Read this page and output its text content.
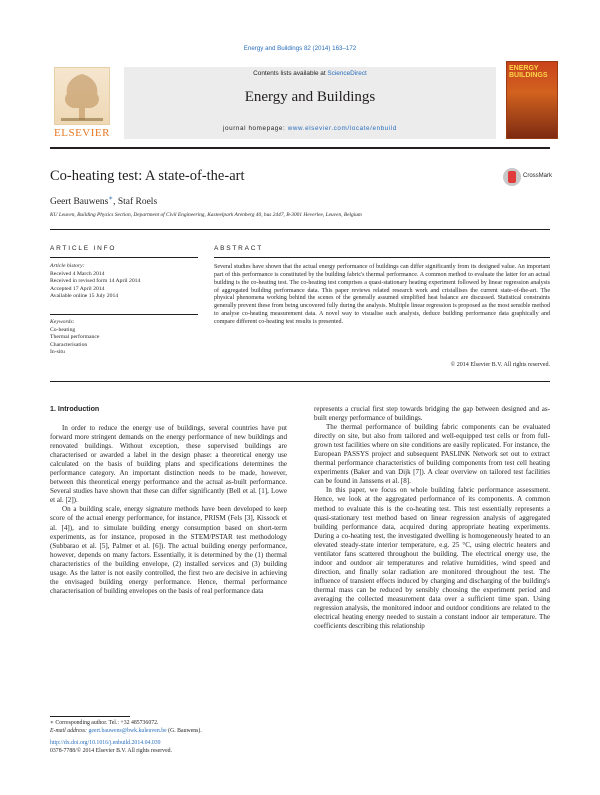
Energy and Buildings 82 (2014) 163–172
ELSEVIER
Contents lists available at ScienceDirect
Energy and Buildings
journal homepage: www.elsevier.com/locate/enbuild
ENERGY BUILDINGS
Co-heating test: A state-of-the-art	CrossMark
Geert Bauwens∗, Staf Roels
KU Leuven, Building Physics Section, Department of Civil Engineering, Kasteelpark Arenberg 40, bus 2447, B-3001 Heverlee, Leuven, Belgium
ARTICLE INFO	ABSTRACT
Article history:
Received 4 March 2014
Received in revised form 14 April 2014
Accepted 17 April 2014
Available online 15 July 2014
Keywords:
Co-heating
Thermal performance
Characterisation
In-situ
Several studies have shown that the actual energy performance of buildings can differ significantly from its designed value. An important part of this performance is constituted by the building fabric's thermal performance. A common method to evaluate the latter for an actual building is the co-heating test. The co-heating test comprises a quasi-stationary heating experiment followed by linear regression analysis of aggregated building performance data. This paper reviews related research work and cristallises the current state-of-the-art. The physical phenomena working behind the scenes of the generally assumed simplified heat balance are discussed. Statistical constraints generally prevent these from being uncovered fully during the analysis. Multiple linear regression is proposed as the most sensible method to analyse co-heating measurement data. A novel way to visualise such analysis, deduce building performance data graphically and compare different co-heating test results is presented.
© 2014 Elsevier B.V. All rights reserved.
1. Introduction

In order to reduce the energy use of buildings, several countries have put forward more stringent demands on the energy performance of new buildings and renovated buildings. Without exception, these supervised buildings are characterised or awarded a label in the design phase: a theoretical energy use calculated on the basis of building plans and specifications determines the performance category. An important distinction needs to be made, however, between this theoretical energy performance and the actual as-built performance. Several studies have shown that these can differ significantly (Bell et al. [1], Lowe et al. [2]).

On a building scale, energy signature methods have been developed to keep score of the actual energy performance, for instance, PRISM (Fels [3], Kissock et al. [4]), and to simulate building energy consumption based on short-term experiments, as for instance, proposed in the STEM/PSTAR test methodology (Subbarao et al. [5], Palmer et al. [6]). The actual building energy performance, however, depends on many factors. Essentially, it is determined by the (1) thermal characteristics of the building envelope, (2) installed services and (3) building usage. As the latter is not easily controlled, the first two are decisive in achieving the envisaged building energy performance. Hence, thermal performance characterisation of building envelopes on the basis of real performance data

represents a crucial first step towards bridging the gap between designed and as-built energy performance of buildings.

The thermal performance of building fabric components can be evaluated directly on site, but also from tailored and well-equipped test cells or from full-grown test facilities where on site conditions are easily replicated. For instance, the European PASSYS project and subsequent PASLINK Network set out to extract thermal performance characteristics of building components from test cell heating experiments (Baker and van Dijk [7]). A clear overview on tailored test facilities can be found in Janssens et al. [8].

In this paper, we focus on whole building fabric performance assessment. Hence, we look at the aggregated performance of its components. A common method to evaluate this is the co-heating test. This test essentially represents a quasi-stationary test method based on linear regression analysis of aggregated building performance data, acquired during appropriate heating experiments. During a co-heating test, the investigated dwelling is homogeneously heated to an elevated steady-state interior temperature, e.g. 25 °C, using electric heaters and ventilator fans scattered throughout the building. The electrical energy use, the indoor and outdoor air temperatures and relative humidities, wind speed and direction, and finally solar radiation are monitored throughout the test. The influence of transient effects induced by charging and discharging of the building's thermal mass can be reduced by sensibly choosing the experiment period and averaging the collected measurement data over a sufficient time span. Using regression analysis, the monitored indoor and outdoor conditions are related to the electrical heating energy needed to sustain a constant indoor air temperature. The coefficients describing this relationship

∗ Corresponding author. Tel.: +32 485736072.
E-mail address: geert.bauwens@bwk.kuleuven.be (G. Bauwens).
http://dx.doi.org/10.1016/j.enbuild.2014.04.039
0378-7788/© 2014 Elsevier B.V. All rights reserved.
